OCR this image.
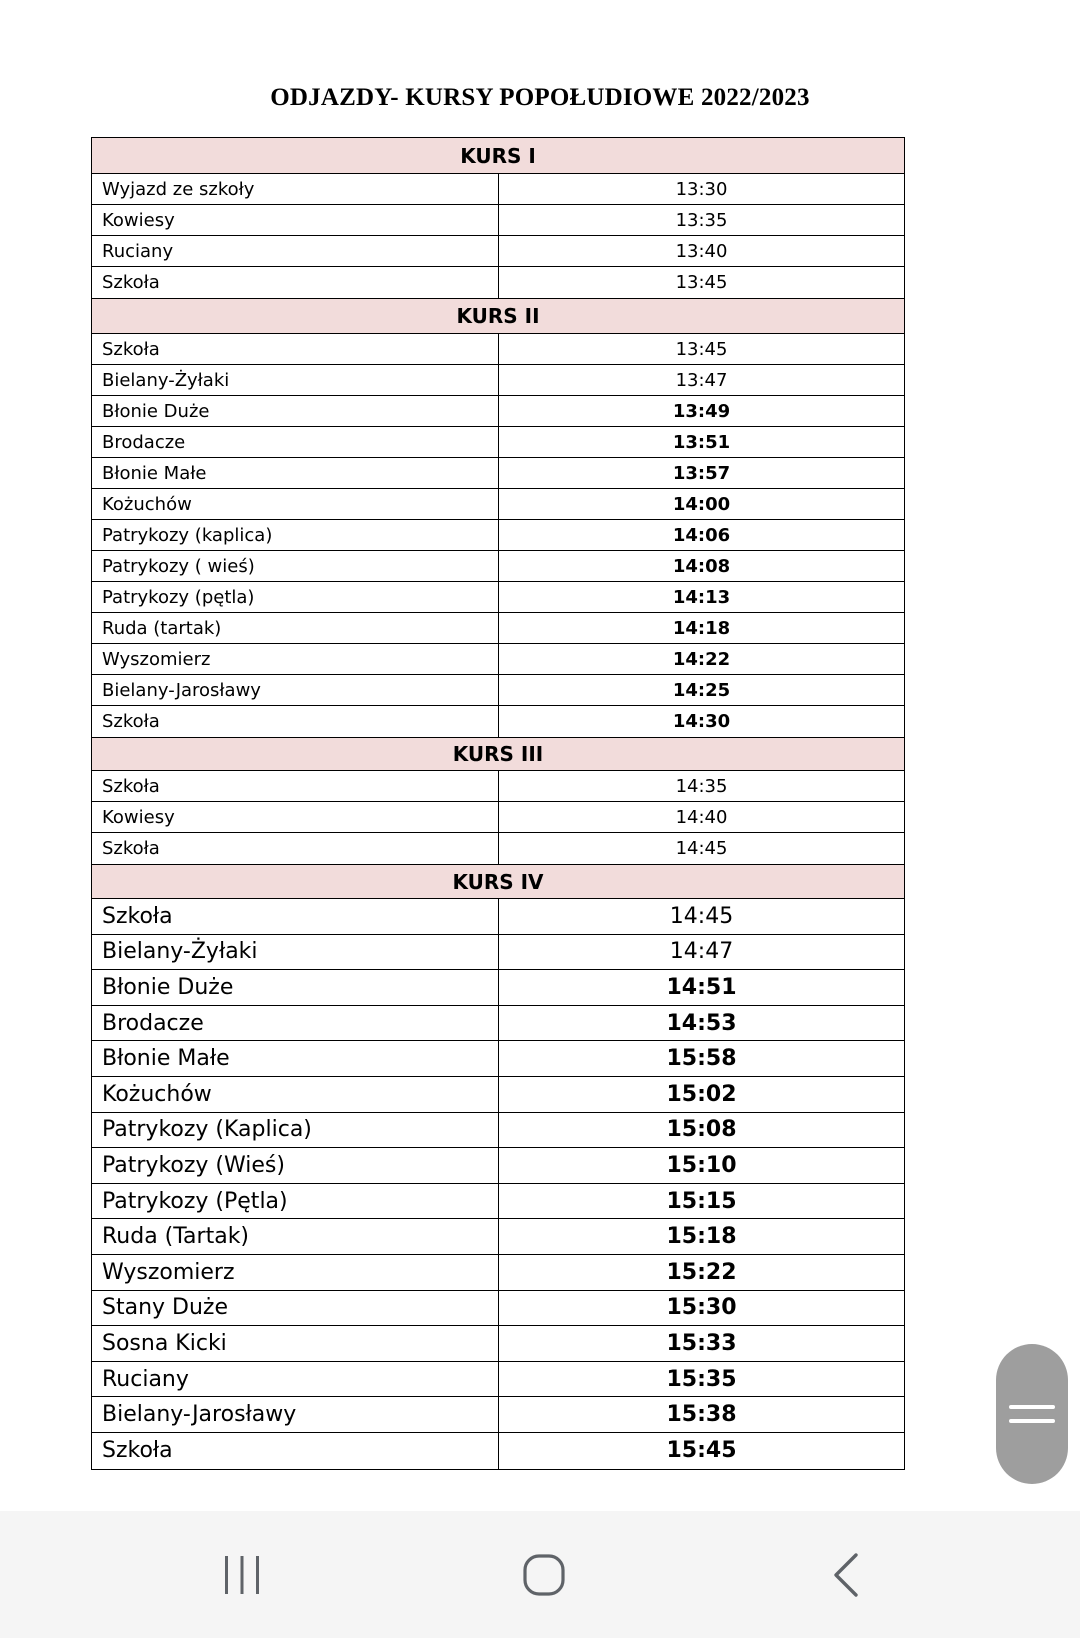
ODJAZDY- KURSY POPOŁUDIOWE 2022/2023
KURS I
Wyjazd ze szkoły	13:30
Kowiesy	13:35
Ruciany	13:40
Szkoła	13:45
KURS II
Szkoła	13:45
Bielany-Żyłaki	13:47
Błonie Duże	13:49
Brodacze	13:51
Błonie Małe	13:57
Kożuchów	14:00
Patrykozy (kaplica)	14:06
Patrykozy ( wieś)	14:08
Patrykozy (pętla)	14:13
Ruda (tartak)	14:18
Wyszomierz	14:22
Bielany-Jarosławy	14:25
Szkoła	14:30
KURS III
Szkoła	14:35
Kowiesy	14:40
Szkoła	14:45
KURS IV
Szkoła	14:45
Bielany-Żyłaki	14:47
Błonie Duże	14:51
Brodacze	14:53
Błonie Małe	15:58
Kożuchów	15:02
Patrykozy (Kaplica)	15:08
Patrykozy (Wieś)	15:10
Patrykozy (Pętla)	15:15
Ruda (Tartak)	15:18
Wyszomierz	15:22
Stany Duże	15:30
Sosna Kicki	15:33
Ruciany	15:35
Bielany-Jarosławy	15:38
Szkoła	15:45
